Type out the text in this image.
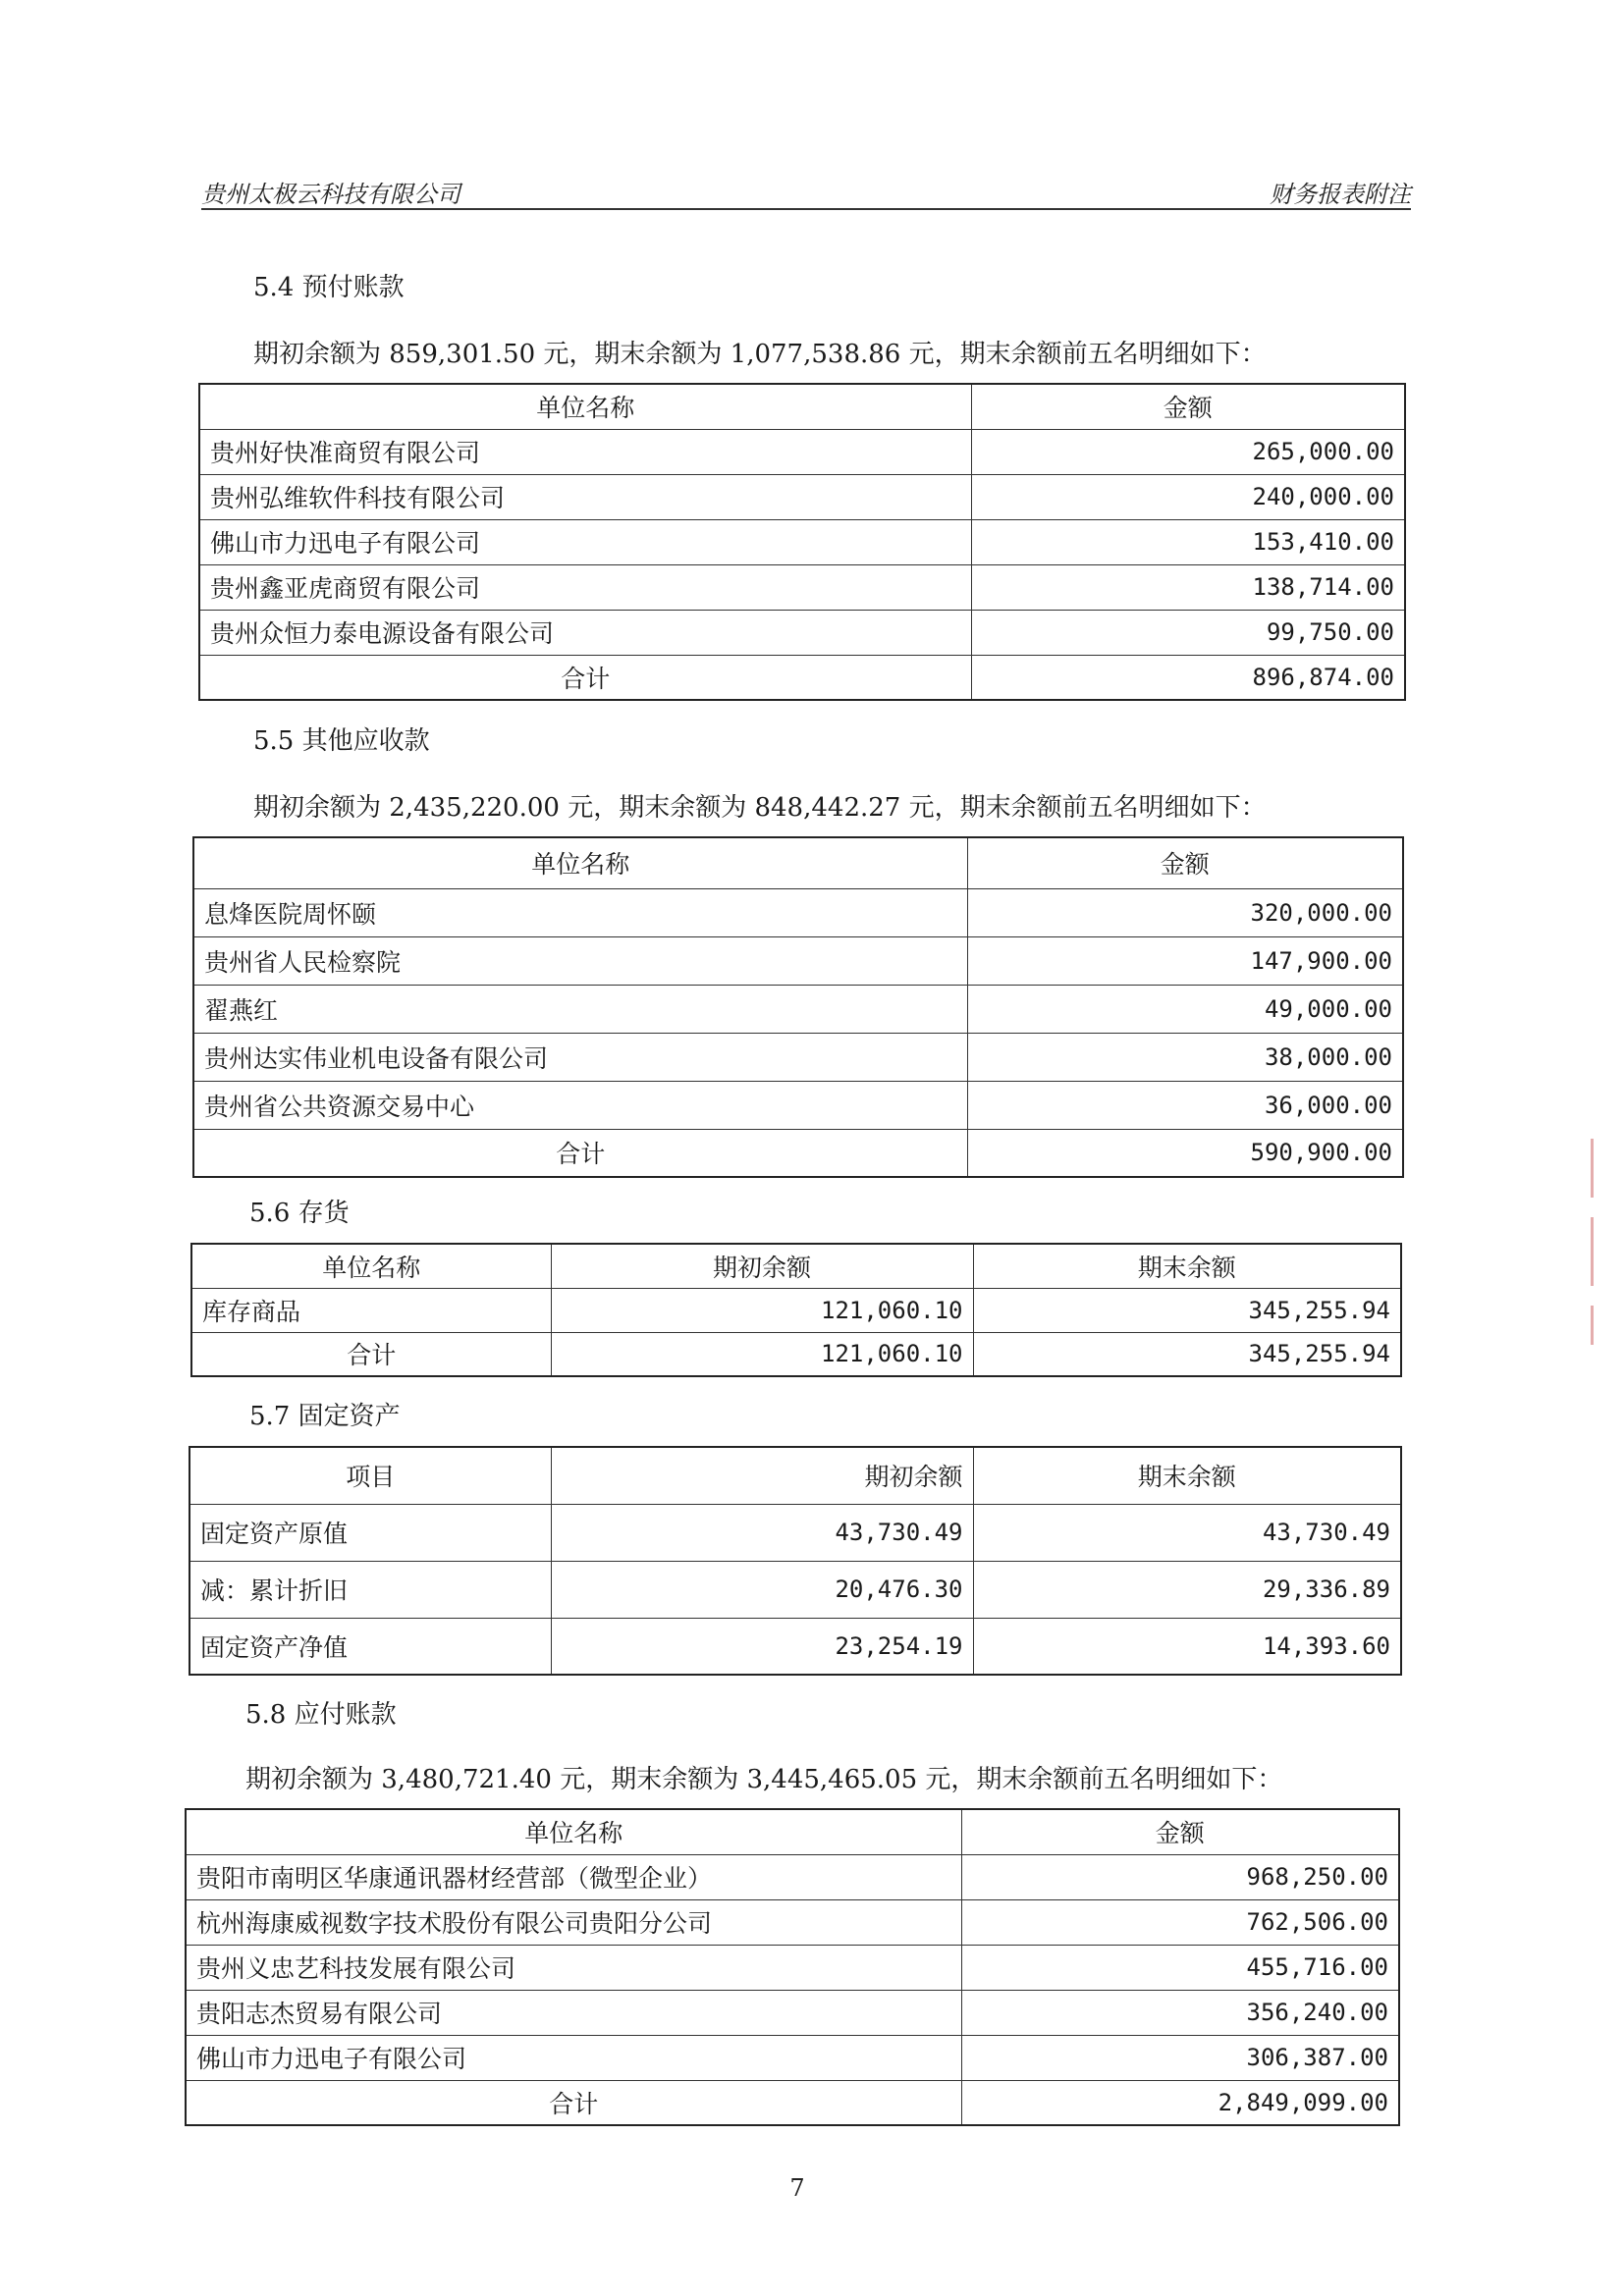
贵州太极云科技有限公司	财务报表附注
5.4 预付账款
期初余额为 859,301.50 元，期末余额为 1,077,538.86 元，期末余额前五名明细如下：
单位名称	金额
贵州好快准商贸有限公司	265,000.00
贵州弘维软件科技有限公司	240,000.00
佛山市力迅电子有限公司	153,410.00
贵州鑫亚虎商贸有限公司	138,714.00
贵州众恒力泰电源设备有限公司	99,750.00
合计	896,874.00
5.5 其他应收款
期初余额为 2,435,220.00 元，期末余额为 848,442.27 元，期末余额前五名明细如下：
单位名称	金额
息烽医院周怀颐	320,000.00
贵州省人民检察院	147,900.00
翟燕红	49,000.00
贵州达实伟业机电设备有限公司	38,000.00
贵州省公共资源交易中心	36,000.00
合计	590,900.00
5.6 存货
单位名称	期初余额	期末余额
库存商品	121,060.10	345,255.94
合计	121,060.10	345,255.94
5.7 固定资产
项目	期初余额	期末余额
固定资产原值	43,730.49	43,730.49
减：累计折旧	20,476.30	29,336.89
固定资产净值	23,254.19	14,393.60
5.8 应付账款
期初余额为 3,480,721.40 元，期末余额为 3,445,465.05 元，期末余额前五名明细如下：
单位名称	金额
贵阳市南明区华康通讯器材经营部（微型企业）	968,250.00
杭州海康威视数字技术股份有限公司贵阳分公司	762,506.00
贵州义忠艺科技发展有限公司	455,716.00
贵阳志杰贸易有限公司	356,240.00
佛山市力迅电子有限公司	306,387.00
合计	2,849,099.00
7
